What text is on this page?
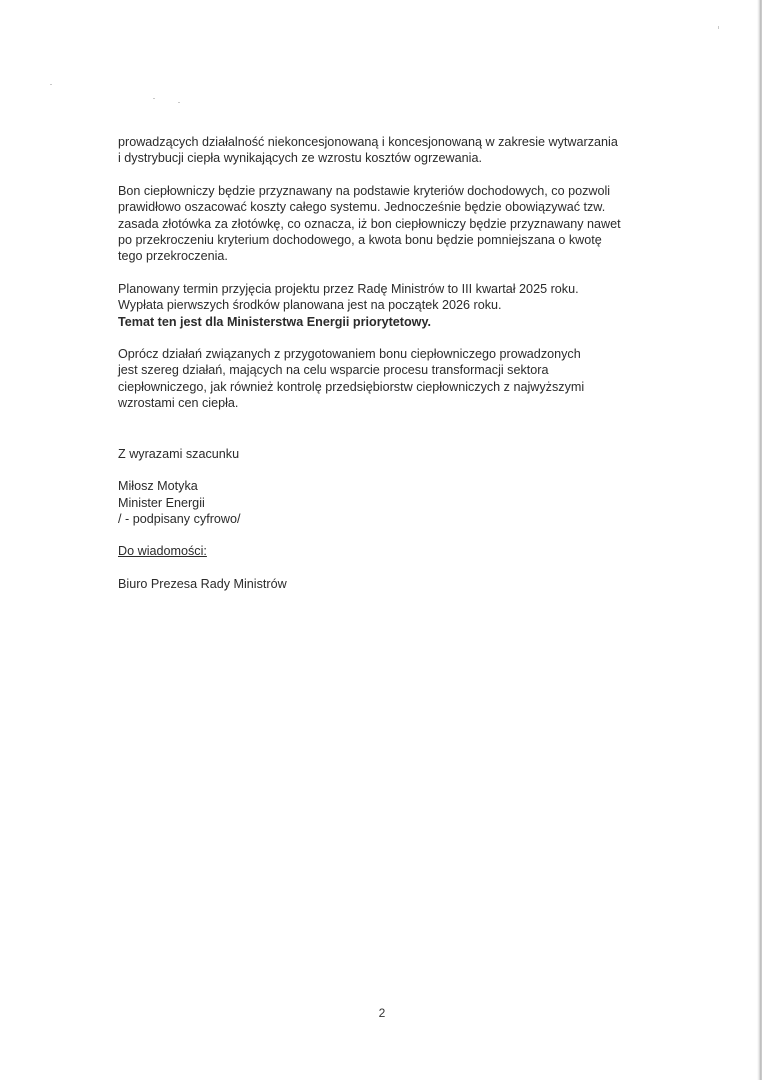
prowadzących działalność niekoncesjonowaną i koncesjonowaną w zakresie wytwarzania
i dystrybucji ciepła wynikających ze wzrostu kosztów ogrzewania.

Bon ciepłowniczy będzie przyznawany na podstawie kryteriów dochodowych, co pozwoli
prawidłowo oszacować koszty całego systemu. Jednocześnie będzie obowiązywać tzw.
zasada złotówka za złotówkę, co oznacza, iż bon ciepłowniczy będzie przyznawany nawet
po przekroczeniu kryterium dochodowego, a kwota bonu będzie pomniejszana o kwotę
tego przekroczenia.

Planowany termin przyjęcia projektu przez Radę Ministrów to III kwartał 2025 roku.
Wypłata pierwszych środków planowana jest na początek 2026 roku.
Temat ten jest dla Ministerstwa Energii priorytetowy.

Oprócz działań związanych z przygotowaniem bonu ciepłowniczego prowadzonych
jest szereg działań, mających na celu wsparcie procesu transformacji sektora
ciepłowniczego, jak również kontrolę przedsiębiorstw ciepłowniczych z najwyższymi
wzrostami cen ciepła.

Z wyrazami szacunku

Miłosz Motyka
Minister Energii
/ - podpisany cyfrowo/

Do wiadomości:

Biuro Prezesa Rady Ministrów

2
